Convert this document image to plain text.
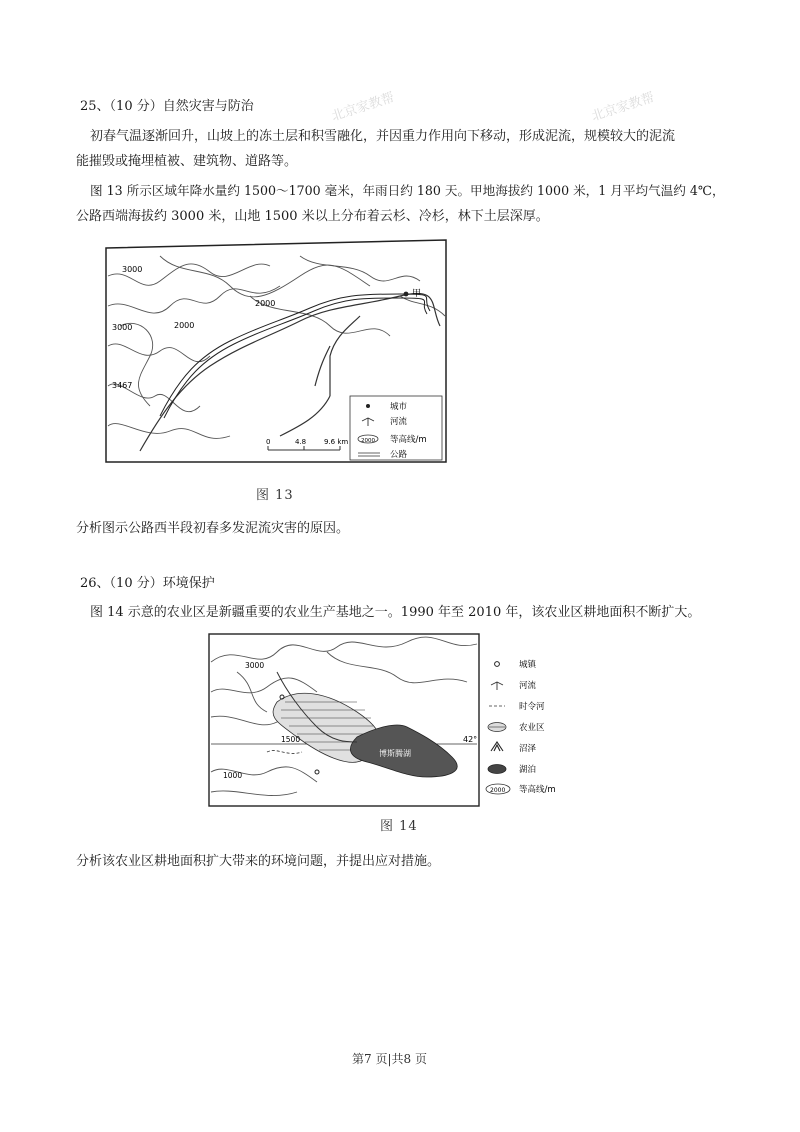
北京家教帮	北京家教帮
25、（10 分）自然灾害与防治
初春气温逐渐回升，山坡上的冻土层和积雪融化，并因重力作用向下移动，形成泥流，规模较大的泥流
能摧毁或掩埋植被、建筑物、道路等。
图 13 所示区域年降水量约 1500～1700 毫米，年雨日约 180 天。甲地海拔约 1000 米，1 月平均气温约 4℃，
公路西端海拔约 3000 米，山地 1500 米以上分布着云杉、冷杉，林下土层深厚。
甲
3000
2000
3000	2000
3467
城市
河流
2000 等高线/m
公路
0	4.8	9.6 km
图 13
分析图示公路西半段初春多发泥流灾害的原因。
26、（10 分）环境保护
图 14 示意的农业区是新疆重要的农业生产基地之一。1990 年至 2010 年，该农业区耕地面积不断扩大。
42°
博斯腾湖
3000
1500
1000
城镇
河流
时令河
农业区
沼泽
湖泊
2000 等高线/m
图 14
分析该农业区耕地面积扩大带来的环境问题，并提出应对措施。
第7 页|共8 页
